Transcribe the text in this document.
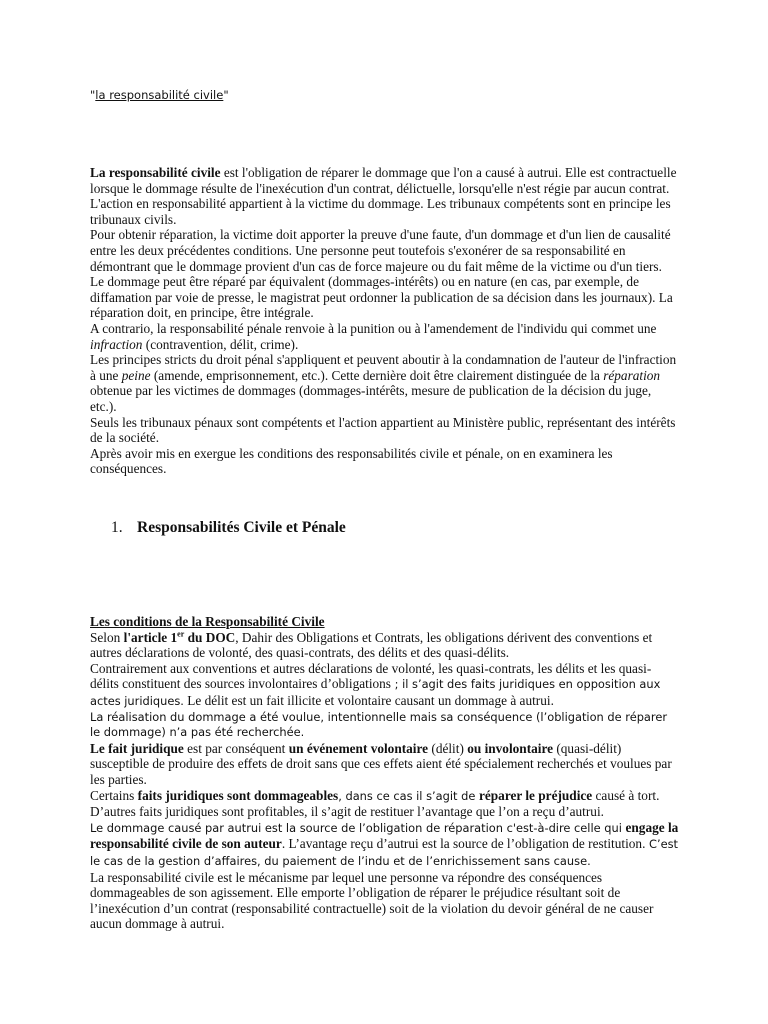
"la responsabilité civile"

La responsabilité civile est l'obligation de réparer le dommage que l'on a causé à autrui. Elle est contractuelle lorsque le dommage résulte de l'inexécution d'un contrat, délictuelle, lorsqu'elle n'est régie par aucun contrat. L'action en responsabilité appartient à la victime du dommage. Les tribunaux compétents sont en principe les tribunaux civils.

Pour obtenir réparation, la victime doit apporter la preuve d'une faute, d'un dommage et d'un lien de causalité entre les deux précédentes conditions. Une personne peut toutefois s'exonérer de sa responsabilité en démontrant que le dommage provient d'un cas de force majeure ou du fait même de la victime ou d'un tiers.

Le dommage peut être réparé par équivalent (dommages-intérêts) ou en nature (en cas, par exemple, de diffamation par voie de presse, le magistrat peut ordonner la publication de sa décision dans les journaux). La réparation doit, en principe, être intégrale.

A contrario, la responsabilité pénale renvoie à la punition ou à l'amendement de l'individu qui commet une infraction (contravention, délit, crime).

Les principes stricts du droit pénal s'appliquent et peuvent aboutir à la condamnation de l'auteur de l'infraction à une peine (amende, emprisonnement, etc.). Cette dernière doit être clairement distinguée de la réparation obtenue par les victimes de dommages (dommages-intérêts, mesure de publication de la décision du juge, etc.).

Seuls les tribunaux pénaux sont compétents et l'action appartient au Ministère public, représentant des intérêts de la société.

Après avoir mis en exergue les conditions des responsabilités civile et pénale, on en examinera les conséquences.

1. Responsabilités Civile et Pénale

Les conditions de la Responsabilité Civile

Selon l'article 1er du DOC, Dahir des Obligations et Contrats, les obligations dérivent des conventions et autres déclarations de volonté, des quasi-contrats, des délits et des quasi-délits.

Contrairement aux conventions et autres déclarations de volonté, les quasi-contrats, les délits et les quasi-délits constituent des sources involontaires d’obligations ; il s’agit des faits juridiques en opposition aux actes juridiques. Le délit est un fait illicite et volontaire causant un dommage à autrui.

La réalisation du dommage a été voulue, intentionnelle mais sa conséquence (l’obligation de réparer le dommage) n’a pas été recherchée.

Le fait juridique est par conséquent un événement volontaire (délit) ou involontaire (quasi-délit) susceptible de produire des effets de droit sans que ces effets aient été spécialement recherchés et voulues par les parties.

Certains faits juridiques sont dommageables, dans ce cas il s’agit de réparer le préjudice causé à tort. D’autres faits juridiques sont profitables, il s’agit de restituer l’avantage que l’on a reçu d’autrui.

Le dommage causé par autrui est la source de l’obligation de réparation c'est-à-dire celle qui engage la responsabilité civile de son auteur. L’avantage reçu d’autrui est la source de l’obligation de restitution. C’est le cas de la gestion d’affaires, du paiement de l’indu et de l’enrichissement sans cause.

La responsabilité civile est le mécanisme par lequel une personne va répondre des conséquences dommageables de son agissement. Elle emporte l’obligation de réparer le préjudice résultant soit de l’inexécution d’un contrat (responsabilité contractuelle) soit de la violation du devoir général de ne causer aucun dommage à autrui.
